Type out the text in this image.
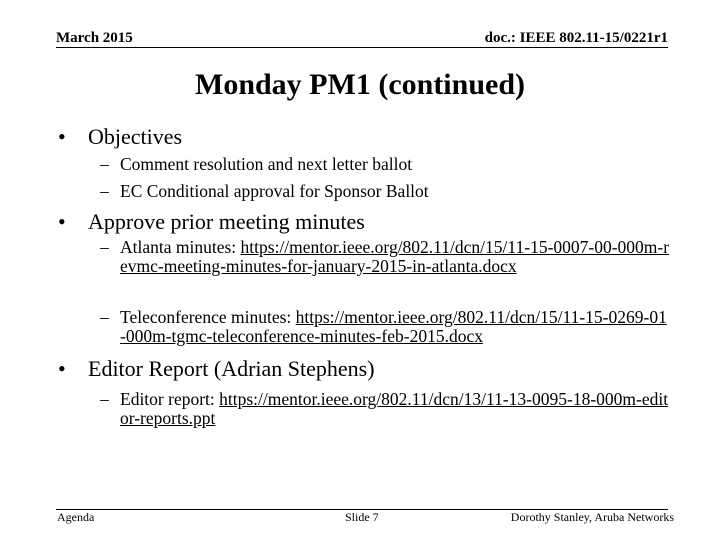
March 2015	doc.: IEEE 802.11-15/0221r1
Monday PM1 (continued)
• Objectives
– Comment resolution and next letter ballot
– EC Conditional approval for Sponsor Ballot
• Approve prior meeting minutes
– Atlanta minutes: https://mentor.ieee.org/802.11/dcn/15/11-15-0007-00-000m-revmc-meeting-minutes-for-january-2015-in-atlanta.docx
– Teleconference minutes: https://mentor.ieee.org/802.11/dcn/15/11-15-0269-01-000m-tgmc-teleconference-minutes-feb-2015.docx
• Editor Report (Adrian Stephens)
– Editor report: https://mentor.ieee.org/802.11/dcn/13/11-13-0095-18-000m-editor-reports.ppt
Agenda	Slide 7	Dorothy Stanley, Aruba Networks
